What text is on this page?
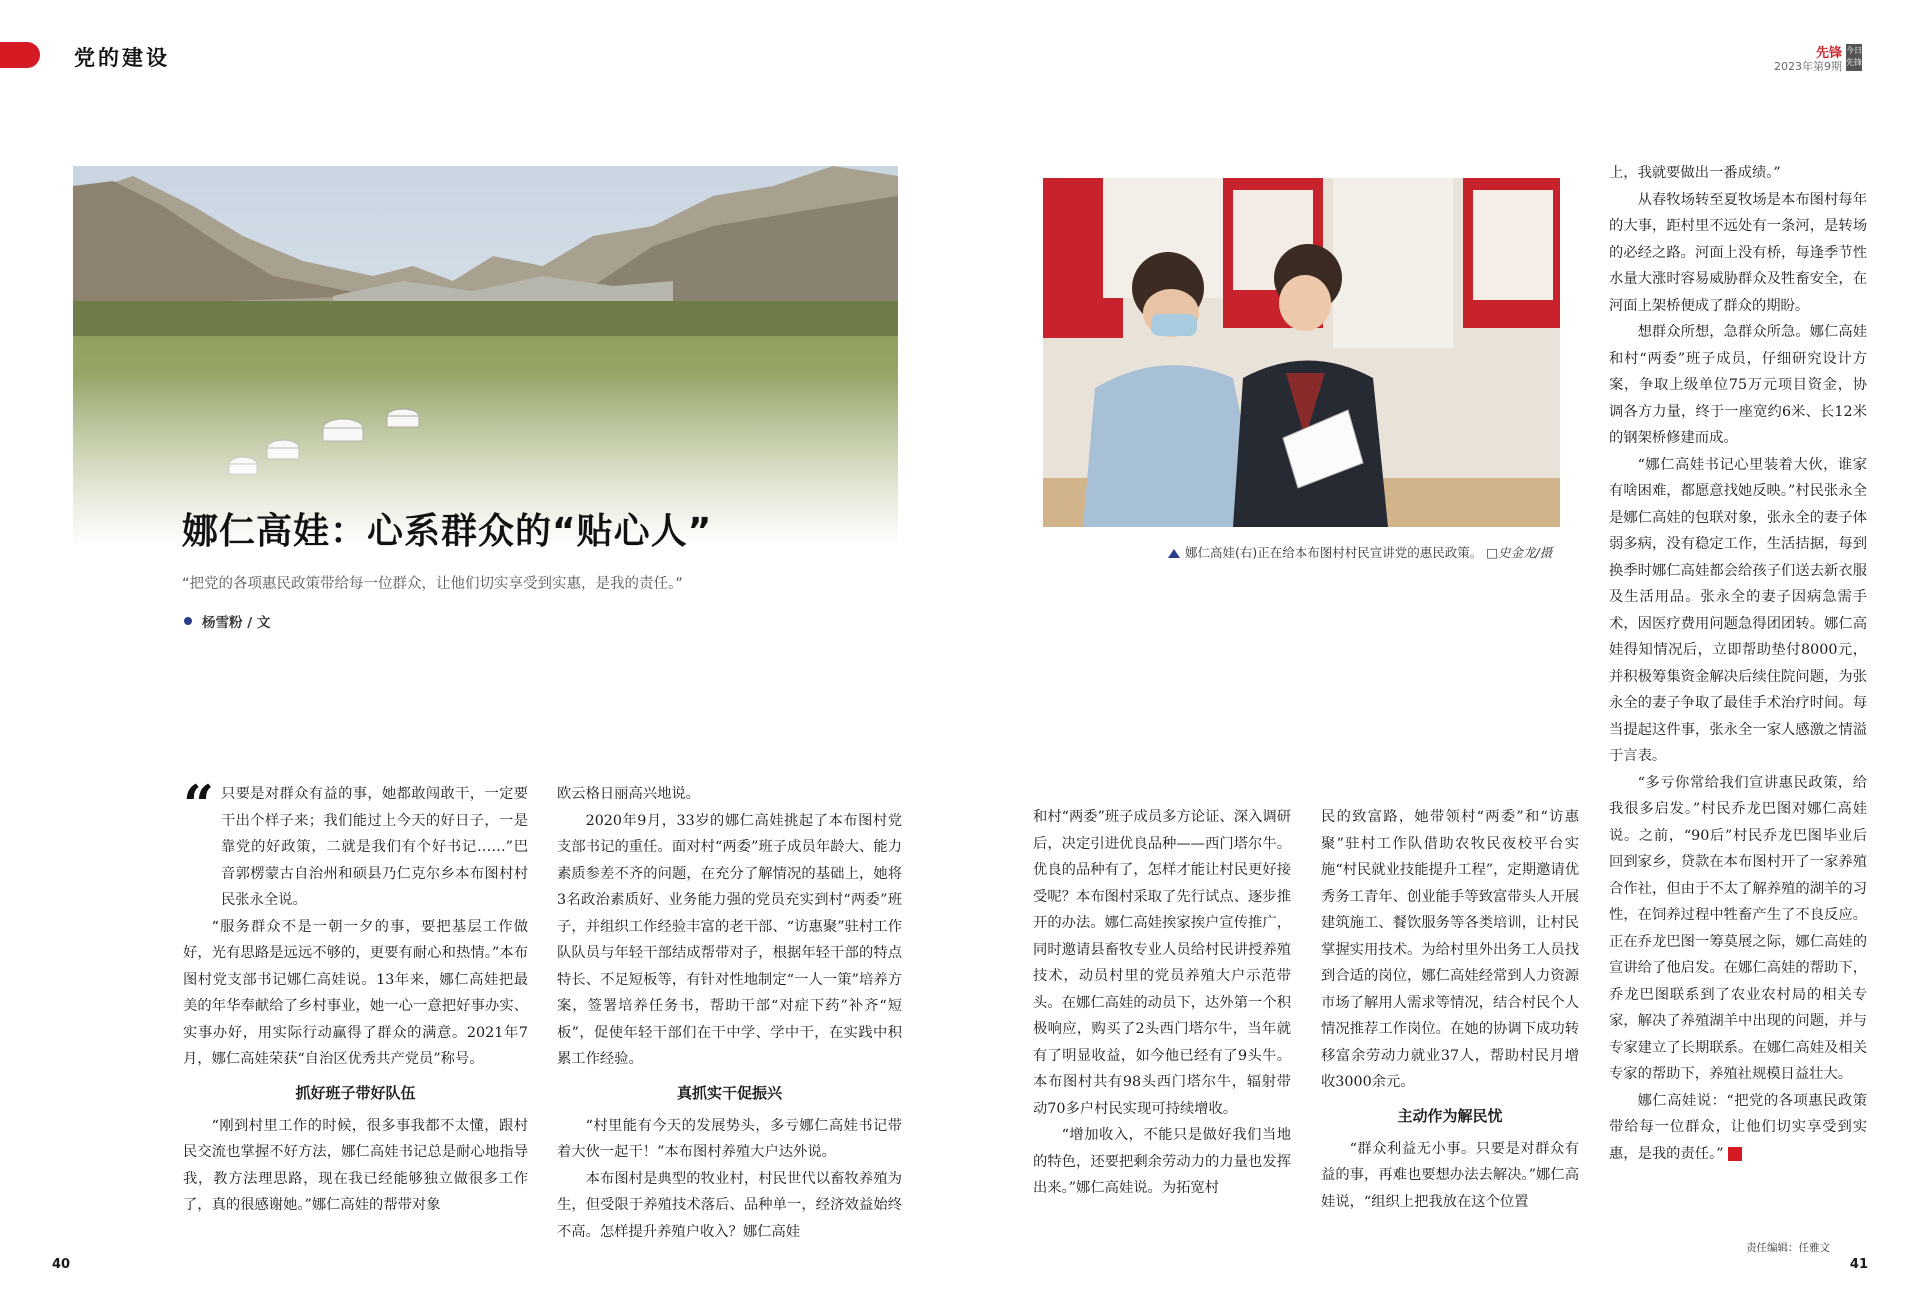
党的建设	先锋
2023年第9期
今日 先锋
娜仁高娃(右)正在给本布图村村民宣讲党的惠民政策。 □史金龙/摄
娜仁高娃：心系群众的“贴心人”
“把党的各项惠民政策带给每一位群众，让他们切实享受到实惠，是我的责任。”
杨雪粉 / 文
“ 只要是对群众有益的事，她都敢闯敢干，一定要干出个样子来；我们能过上今天的好日子，一是靠党的好政策，二就是我们有个好书记……”巴音郭楞蒙古自治州和硕县乃仁克尔乡本布图村村民张永全说。

“服务群众不是一朝一夕的事，要把基层工作做好，光有思路是远远不够的，更要有耐心和热情。”本布图村党支部书记娜仁高娃说。13年来，娜仁高娃把最美的年华奉献给了乡村事业，她一心一意把好事办实、实事办好，用实际行动赢得了群众的满意。2021年7月，娜仁高娃荣获“自治区优秀共产党员”称号。

抓好班子带好队伍

“刚到村里工作的时候，很多事我都不太懂，跟村民交流也掌握不好方法，娜仁高娃书记总是耐心地指导我，教方法理思路，现在我已经能够独立做很多工作了，真的很感谢她。”娜仁高娃的帮带对象

欧云格日丽高兴地说。

2020年9月，33岁的娜仁高娃挑起了本布图村党支部书记的重任。面对村“两委”班子成员年龄大、能力素质参差不齐的问题，在充分了解情况的基础上，她将3名政治素质好、业务能力强的党员充实到村“两委”班子，并组织工作经验丰富的老干部、“访惠聚”驻村工作队队员与年轻干部结成帮带对子，根据年轻干部的特点特长、不足短板等，有针对性地制定“一人一策”培养方案，签署培养任务书，帮助干部“对症下药”补齐“短板”，促使年轻干部们在干中学、学中干，在实践中积累工作经验。

真抓实干促振兴

“村里能有今天的发展势头，多亏娜仁高娃书记带着大伙一起干！”本布图村养殖大户达外说。

本布图村是典型的牧业村，村民世代以畜牧养殖为生，但受限于养殖技术落后、品种单一，经济效益始终不高。怎样提升养殖户收入？娜仁高娃

和村“两委”班子成员多方论证、深入调研后，决定引进优良品种——西门塔尔牛。优良的品种有了，怎样才能让村民更好接受呢？本布图村采取了先行试点、逐步推开的办法。娜仁高娃挨家挨户宣传推广，同时邀请县畜牧专业人员给村民讲授养殖技术，动员村里的党员养殖大户示范带头。在娜仁高娃的动员下，达外第一个积极响应，购买了2头西门塔尔牛，当年就有了明显收益，如今他已经有了9头牛。本布图村共有98头西门塔尔牛，辐射带动70多户村民实现可持续增收。

“增加收入，不能只是做好我们当地的特色，还要把剩余劳动力的力量也发挥出来。”娜仁高娃说。为拓宽村

民的致富路，她带领村“两委”和“访惠聚”驻村工作队借助农牧民夜校平台实施“村民就业技能提升工程”，定期邀请优秀务工青年、创业能手等致富带头人开展建筑施工、餐饮服务等各类培训，让村民掌握实用技术。为给村里外出务工人员找到合适的岗位，娜仁高娃经常到人力资源市场了解用人需求等情况，结合村民个人情况推荐工作岗位。在她的协调下成功转移富余劳动力就业37人，帮助村民月增收3000余元。

主动作为解民忧

“群众利益无小事。只要是对群众有益的事，再难也要想办法去解决。”娜仁高娃说，“组织上把我放在这个位置

上，我就要做出一番成绩。”

从春牧场转至夏牧场是本布图村每年的大事，距村里不远处有一条河，是转场的必经之路。河面上没有桥，每逢季节性水量大涨时容易威胁群众及牲畜安全，在河面上架桥便成了群众的期盼。

想群众所想，急群众所急。娜仁高娃和村“两委”班子成员，仔细研究设计方案，争取上级单位75万元项目资金，协调各方力量，终于一座宽约6米、长12米的钢架桥修建而成。

“娜仁高娃书记心里装着大伙，谁家有啥困难，都愿意找她反映。”村民张永全是娜仁高娃的包联对象，张永全的妻子体弱多病，没有稳定工作，生活拮据，每到换季时娜仁高娃都会给孩子们送去新衣服及生活用品。张永全的妻子因病急需手术，因医疗费用问题急得团团转。娜仁高娃得知情况后，立即帮助垫付8000元，并积极筹集资金解决后续住院问题，为张永全的妻子争取了最佳手术治疗时间。每当提起这件事，张永全一家人感激之情溢于言表。

“多亏你常给我们宣讲惠民政策，给我很多启发。”村民乔龙巴图对娜仁高娃说。之前，“90后”村民乔龙巴图毕业后回到家乡，贷款在本布图村开了一家养殖合作社，但由于不太了解养殖的湖羊的习性，在饲养过程中牲畜产生了不良反应。正在乔龙巴图一筹莫展之际，娜仁高娃的宣讲给了他启发。在娜仁高娃的帮助下，乔龙巴图联系到了农业农村局的相关专家，解决了养殖湖羊中出现的问题，并与专家建立了长期联系。在娜仁高娃及相关专家的帮助下，养殖社规模日益壮大。

娜仁高娃说：“把党的各项惠民政策带给每一位群众，让他们切实享受到实惠，是我的责任。”

40
责任编辑：任雅文
41
